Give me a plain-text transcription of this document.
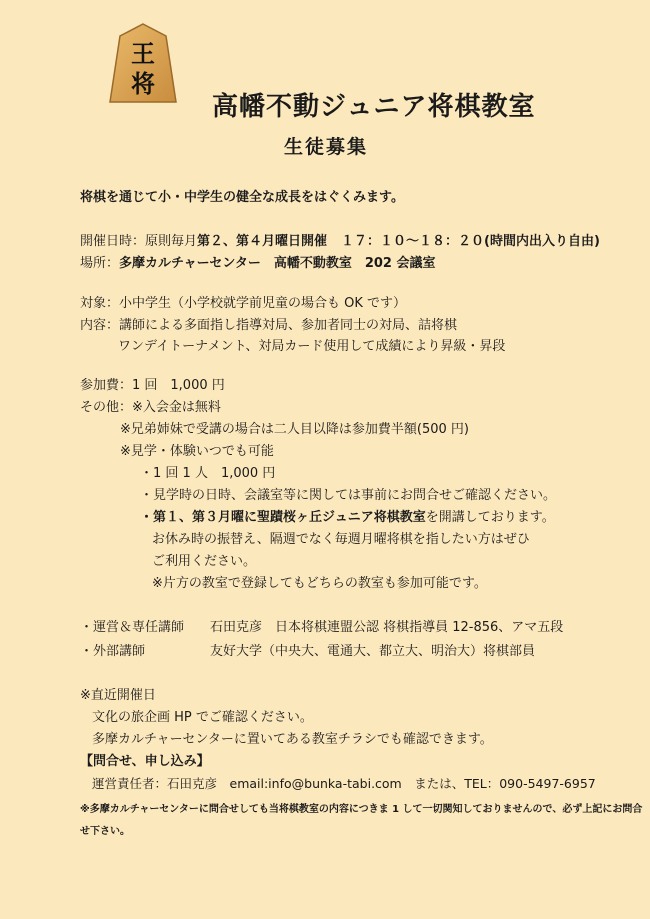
王
将
高幡不動ジュニア将棋教室
生徒募集
将棋を通じて小・中学生の健全な成長をはぐくみます。
開催日時：原則毎月第２、第４月曜日開催 １７：１０〜１８：２０(時間内出入り自由)
場所：多摩カルチャーセンター　高幡不動教室　202 会議室
対象：小中学生（小学校就学前児童の場合も OK です）
内容：講師による多面指し指導対局、参加者同士の対局、詰将棋
ワンデイトーナメント、対局カード使用して成績により昇級・昇段
参加費：1 回　1,000 円
その他：※入会金は無料
※兄弟姉妹で受講の場合は二人目以降は参加費半額(500 円)
※見学・体験いつでも可能
・1 回 1 人　1,000 円
・見学時の日時、会議室等に関しては事前にお問合せご確認ください。
・第１、第３月曜に聖蹟桜ヶ丘ジュニア将棋教室を開講しております。
お休み時の振替え、隔週でなく毎週月曜将棋を指したい方はぜひ
ご利用ください。
※片方の教室で登録してもどちらの教室も参加可能です。
・運営＆専任講師 石田克彦　日本将棋連盟公認 将棋指導員 12-856、アマ五段
・外部講師	友好大学（中央大、電通大、都立大、明治大）将棋部員
※直近開催日
文化の旅企画 HP でご確認ください。
多摩カルチャーセンターに置いてある教室チラシでも確認できます。
【問合せ、申し込み】
運営責任者：石田克彦　email:info@bunka-tabi.com　または、TEL：090-5497-6957
※多摩カルチャーセンターに問合せしても当将棋教室の内容につきま 1 して一切関知しておりませんので、必ず上記にお問合
せ下さい。
